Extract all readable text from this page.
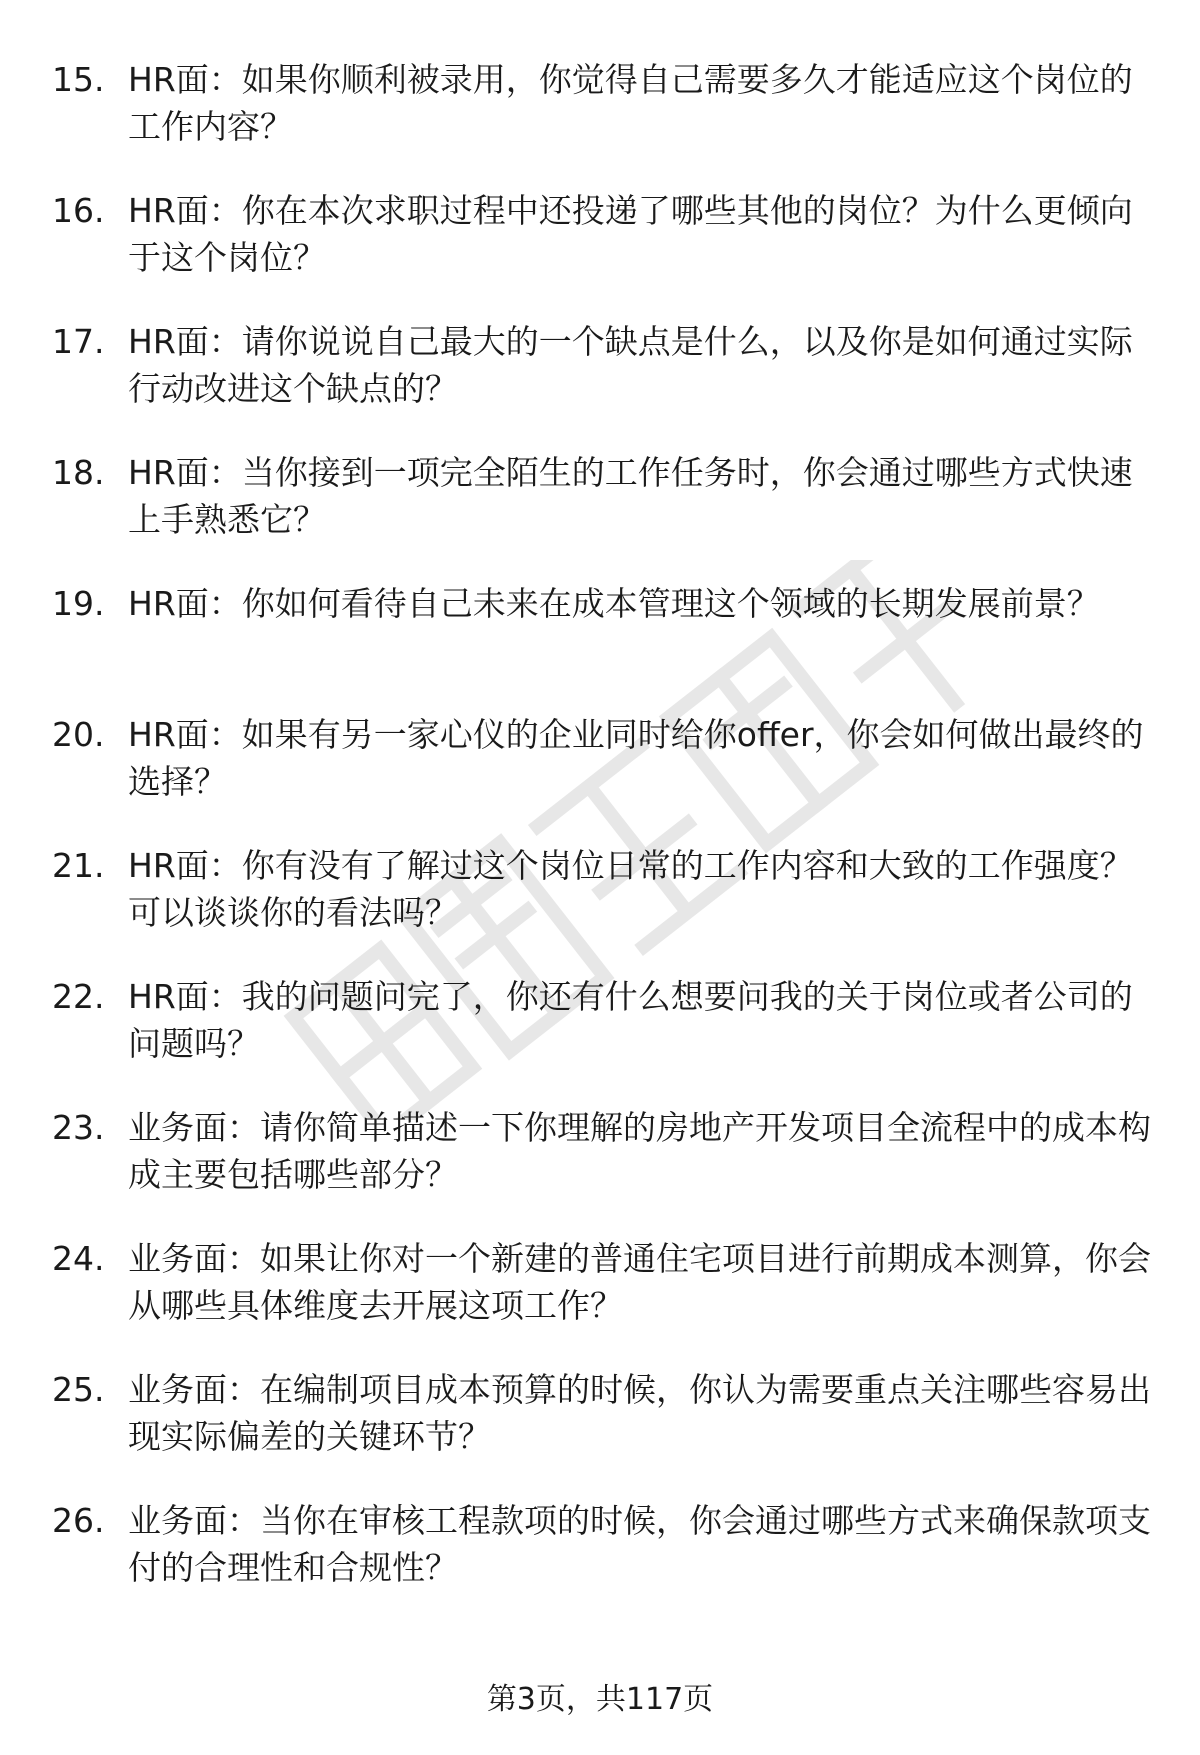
15. HR面：如果你顺利被录用，你觉得自己需要多久才能适应这个岗位的工作内容？
16. HR面：你在本次求职过程中还投递了哪些其他的岗位？为什么更倾向于这个岗位？
17. HR面：请你说说自己最大的一个缺点是什么，以及你是如何通过实际行动改进这个缺点的？
18. HR面：当你接到一项完全陌生的工作任务时，你会通过哪些方式快速上手熟悉它？
19. HR面：你如何看待自己未来在成本管理这个领域的长期发展前景？
20. HR面：如果有另一家心仪的企业同时给你offer，你会如何做出最终的选择？
21. HR面：你有没有了解过这个岗位日常的工作内容和大致的工作强度？可以谈谈你的看法吗？
22. HR面：我的问题问完了，你还有什么想要问我的关于岗位或者公司的问题吗？
23. 业务面：请你简单描述一下你理解的房地产开发项目全流程中的成本构成主要包括哪些部分？
24. 业务面：如果让你对一个新建的普通住宅项目进行前期成本测算，你会从哪些具体维度去开展这项工作？
25. 业务面：在编制项目成本预算的时候，你认为需要重点关注哪些容易出现实际偏差的关键环节？
26. 业务面：当你在审核工程款项的时候，你会通过哪些方式来确保款项支付的合理性和合规性？
第3页，共117页
